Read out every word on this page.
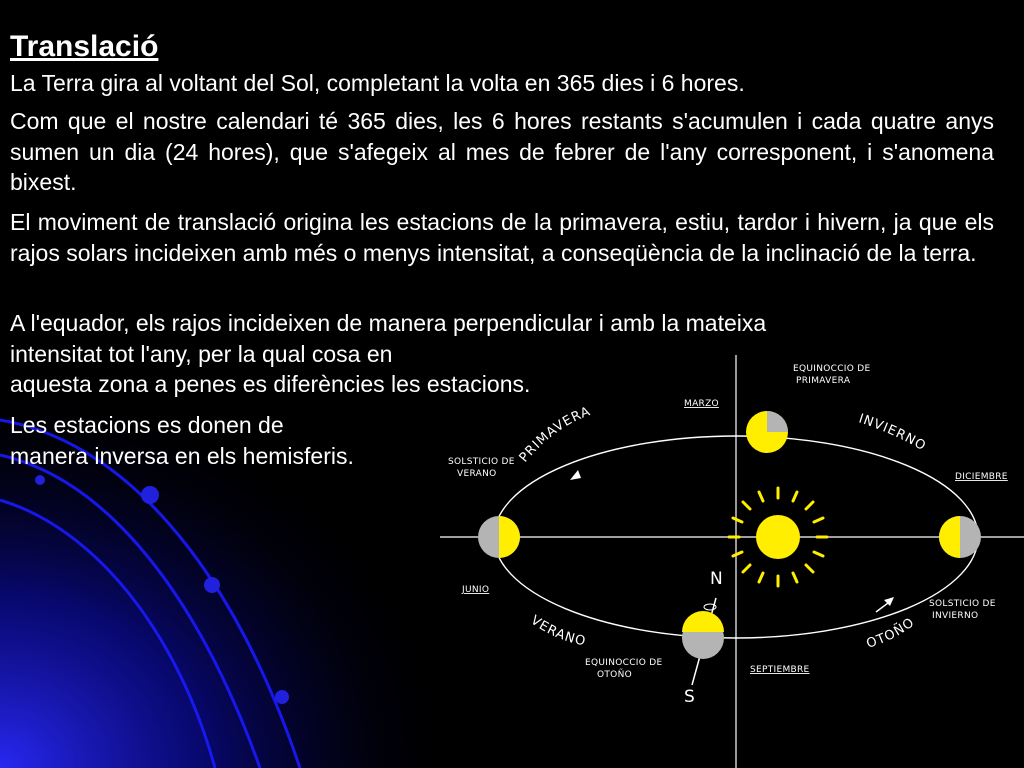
Translació

La Terra gira al voltant del Sol, completant la volta en 365 dies i 6 hores.

Com que el nostre calendari té 365 dies, les 6 hores restants s'acumulen i cada quatre anys sumen un dia (24 hores), que s'afegeix al mes de febrer de l'any corresponent, i s'anomena bixest.

El moviment de translació origina les estacions de la primavera, estiu, tardor i hivern, ja que els rajos solars incideixen amb més o menys intensitat, a conseqüència de la inclinació de la terra.

A l'equador, els rajos incideixen de manera perpendicular i amb la mateixa

intensitat tot l'any, per la qual cosa en

aquesta zona a penes es diferències les estacions.

Les estacions es donen de

manera inversa en els hemisferis.

EQUINOCCIO DE
PRIMAVERA
MARZO
PRIMAVERA	INVIERNO
SOLSTICIO DE
VERANO	DICIEMBRE
JUNIO
N
SOLSTICIO DE
INVIERNO
VERANO	OTOÑO
EQUINOCCIO DE
OTOÑO	SEPTIEMBRE
S
